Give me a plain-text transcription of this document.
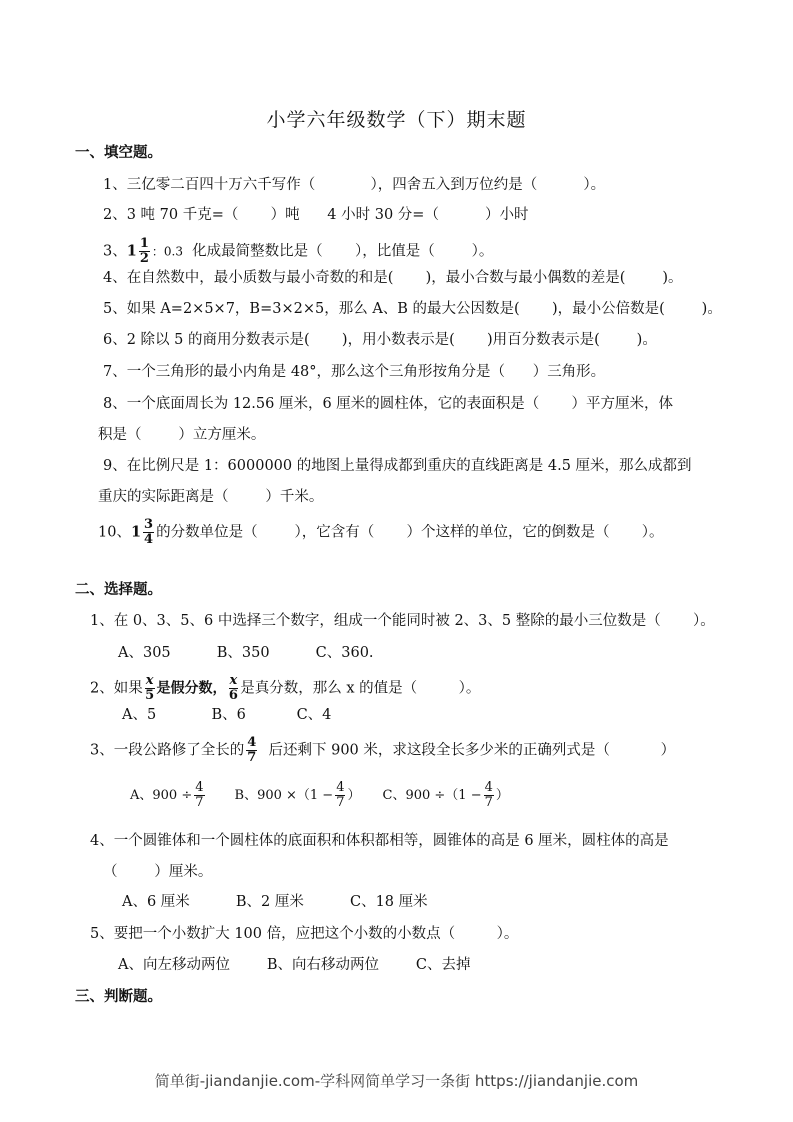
小学六年级数学（下）期末题
一、填空题。
1、三亿零二百四十万六千写作（            ），四舍五入到万位约是（          ）。
2、3 吨 70 千克=（       ）吨      4 小时 30 分=（          ）小时
3、$1 \frac{1}{2}$ ：0.3  化成最简整数比是（       ），比值是（        ）。
4、在自然数中，最小质数与最小奇数的和是(       )，最小合数与最小偶数的差是(        )。
5、如果 A=2×5×7，B=3×2×5，那么 A、B 的最大公因数是(       )，最小公倍数是(        )。
6、2 除以 5 的商用分数表示是(       )，用小数表示是(       )用百分数表示是(        )。
7、一个三角形的最小内角是 48°，那么这个三角形按角分是（      ）三角形。
8、一个底面周长为 12.56 厘米，6 厘米的圆柱体，它的表面积是（       ）平方厘米，体
积是（        ）立方厘米。
9、在比例尺是 1：6000000 的地图上量得成都到重庆的直线距离是 4.5 厘米，那么成都到
重庆的实际距离是（        ）千米。
10、$1 \frac{3}{4}$ 的分数单位是（        ），它含有（       ）个这样的单位，它的倒数是（       ）。
二、选择题。
1、在 0、3、5、6 中选择三个数字，组成一个能同时被 2、3、5 整除的最小三位数是（       ）。
A、305          B、350          C、360.
2、如果 $\frac{x}{5}$ 是假分数， $\frac{x}{6}$ 是真分数，那么 x 的值是（         ）。
A、5            B、6           C、4
3、一段公路修了全长的 $\frac{4}{7}$ 后还剩下 900 米，求这段全长多少米的正确列式是（           ）
A、$900 \div \frac{4}{7}$ B、$900 \times(1 - \frac{4}{7}$ ） C、$900 \div(1 - \frac{4}{7}$ ）
4、一个圆锥体和一个圆柱体的底面积和体积都相等，圆锥体的高是 6 厘米，圆柱体的高是
（        ）厘米。
A、6 厘米          B、2 厘米          C、18 厘米
5、要把一个小数扩大 100 倍，应把这个小数的小数点（         ）。
A、向左移动两位        B、向右移动两位        C、去掉
三、判断题。
简单街-jiandanjie.com-学科网简单学习一条街 https://jiandanjie.com
